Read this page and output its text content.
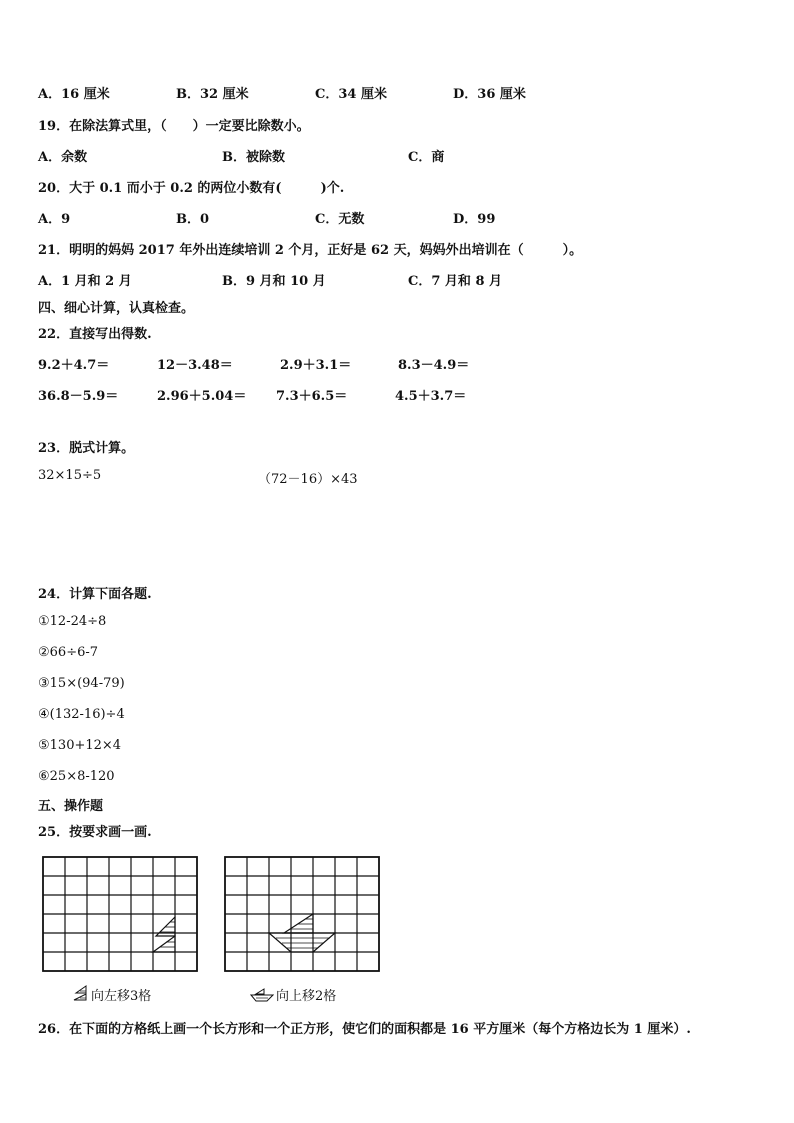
A．16 厘米	B．32 厘米	C．34 厘米	D．36 厘米
19．在除法算式里，（　　）一定要比除数小。
A．余数	B．被除数	C．商
20．大于 0.1 而小于 0.2 的两位小数有(　　　)个.
A．9	B．0	C．无数	D．99
21．明明的妈妈 2017 年外出连续培训 2 个月，正好是 62 天，妈妈外出培训在（　　　）。
A．1 月和 2 月	B．9 月和 10 月	C．7 月和 8 月
四、细心计算，认真检查。
22．直接写出得数.
9.2＋4.7＝	12－3.48＝	2.9＋3.1＝	8.3－4.9＝
36.8－5.9＝	2.96＋5.04＝ 7.3＋6.5＝	4.5＋3.7＝
23．脱式计算。
32×15÷5	（72－16）×43
24．计算下面各题.
①12-24÷8
②66÷6-7
③15×(94-79)
④(132-16)÷4
⑤130+12×4
⑥25×8-120
五、操作题
25．按要求画一画.
向左移3格	向上移2格
26．在下面的方格纸上画一个长方形和一个正方形，使它们的面积都是 16 平方厘米（每个方格边长为 1 厘米）.
